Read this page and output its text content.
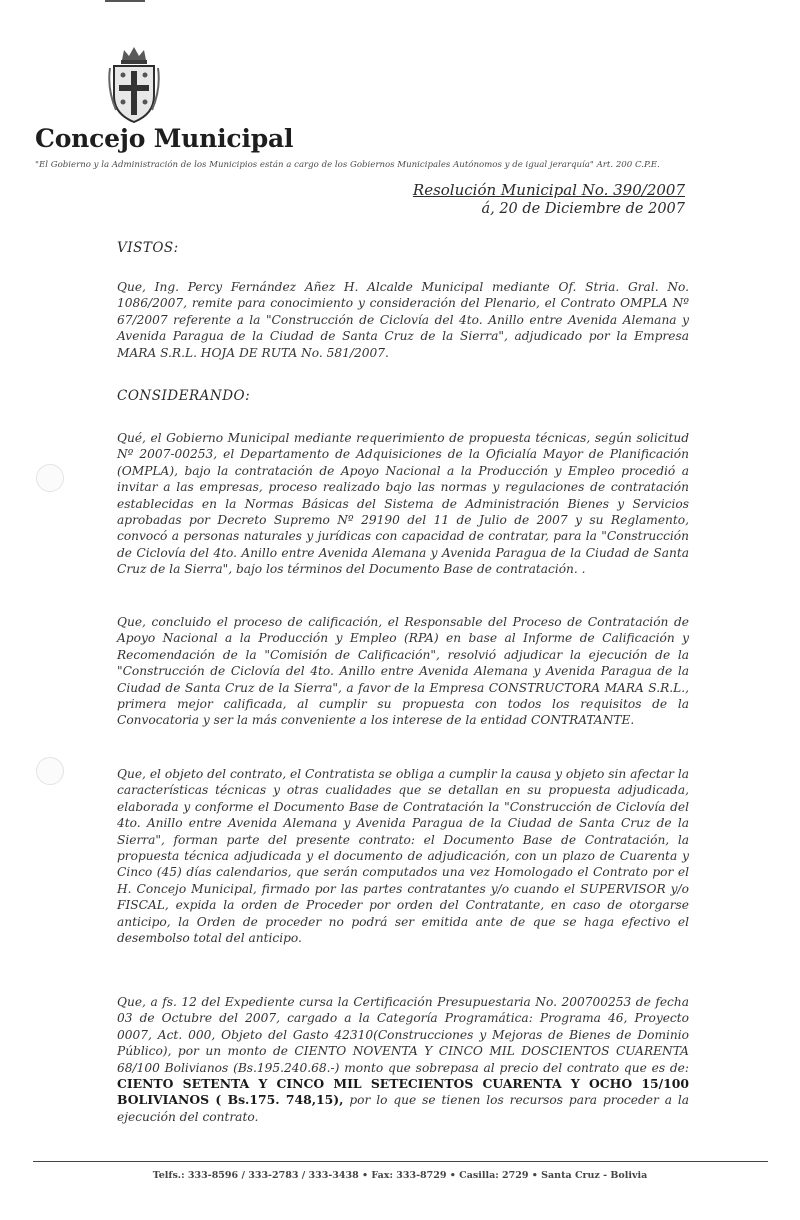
Concejo Municipal
"El Gobierno y la Administración de los Municipios están a cargo de los Gobiernos Municipales Autónomos y de igual jerarquía" Art. 200 C.P.E.
Resolución Municipal No. 390/2007
á, 20 de Diciembre de 2007
VISTOS:
Que, Ing. Percy Fernández Añez H. Alcalde Municipal mediante Of. Stria. Gral. No. 1086/2007, remite para conocimiento y consideración del Plenario, el Contrato OMPLA Nº 67/2007 referente a la "Construcción de Ciclovía del 4to. Anillo entre Avenida Alemana y Avenida Paragua de la Ciudad de Santa Cruz de la Sierra", adjudicado por la Empresa MARA S.R.L. HOJA DE RUTA No. 581/2007.
CONSIDERANDO:
Qué, el Gobierno Municipal mediante requerimiento de propuesta técnicas, según solicitud Nº 2007-00253, el Departamento de Adquisiciones de la Oficialía Mayor de Planificación (OMPLA), bajo la contratación de Apoyo Nacional a la Producción y Empleo procedió a invitar a las empresas, proceso realizado bajo las normas y regulaciones de contratación establecidas en la Normas Básicas del Sistema de Administración Bienes y Servicios aprobadas por Decreto Supremo Nº 29190 del 11 de Julio de 2007 y su Reglamento, convocó a personas naturales y jurídicas con capacidad de contratar, para la "Construcción de Ciclovía del 4to. Anillo entre Avenida Alemana y Avenida Paragua de la Ciudad de Santa Cruz de la Sierra", bajo los términos del Documento Base de contratación. .
Que, concluido el proceso de calificación, el Responsable del Proceso de Contratación de Apoyo Nacional a la Producción y Empleo (RPA) en base al Informe de Calificación y Recomendación de la "Comisión de Calificación", resolvió adjudicar la ejecución de la "Construcción de Ciclovía del 4to. Anillo entre Avenida Alemana y Avenida Paragua de la Ciudad de Santa Cruz de la Sierra", a favor de la Empresa CONSTRUCTORA MARA S.R.L., primera mejor calificada, al cumplir su propuesta con todos los requisitos de la Convocatoria y ser la más conveniente a los interese de la entidad CONTRATANTE.
Que, el objeto del contrato, el Contratista se obliga a cumplir la causa y objeto sin afectar la características técnicas y otras cualidades que se detallan en su propuesta adjudicada, elaborada y conforme el Documento Base de Contratación la "Construcción de Ciclovía del 4to. Anillo entre Avenida Alemana y Avenida Paragua de la Ciudad de Santa Cruz de la Sierra", forman parte del presente contrato: el Documento Base de Contratación, la propuesta técnica adjudicada y el documento de adjudicación, con un plazo de Cuarenta y Cinco (45) días calendarios, que serán computados una vez Homologado el Contrato por el H. Concejo Municipal, firmado por las partes contratantes y/o cuando el SUPERVISOR y/o FISCAL, expida la orden de Proceder por orden del Contratante, en caso de otorgarse anticipo, la Orden de proceder no podrá ser emitida ante de que se haga efectivo el desembolso total del anticipo.
Que, a fs. 12 del Expediente cursa la Certificación Presupuestaria No. 200700253 de fecha 03 de Octubre del 2007, cargado a la Categoría Programática: Programa 46, Proyecto 0007, Act. 000, Objeto del Gasto 42310(Construcciones y Mejoras de Bienes de Dominio Público), por un monto de CIENTO NOVENTA Y CINCO MIL DOSCIENTOS CUARENTA 68/100 Bolivianos (Bs.195.240.68.-) monto que sobrepasa al precio del contrato que es de: CIENTO SETENTA Y CINCO MIL SETECIENTOS CUARENTA Y OCHO 15/100 BOLIVIANOS ( Bs.175. 748,15), por lo que se tienen los recursos para proceder a la ejecución del contrato.
Telfs.: 333-8596 / 333-2783 / 333-3438 • Fax: 333-8729 • Casilla: 2729 • Santa Cruz - Bolivia
